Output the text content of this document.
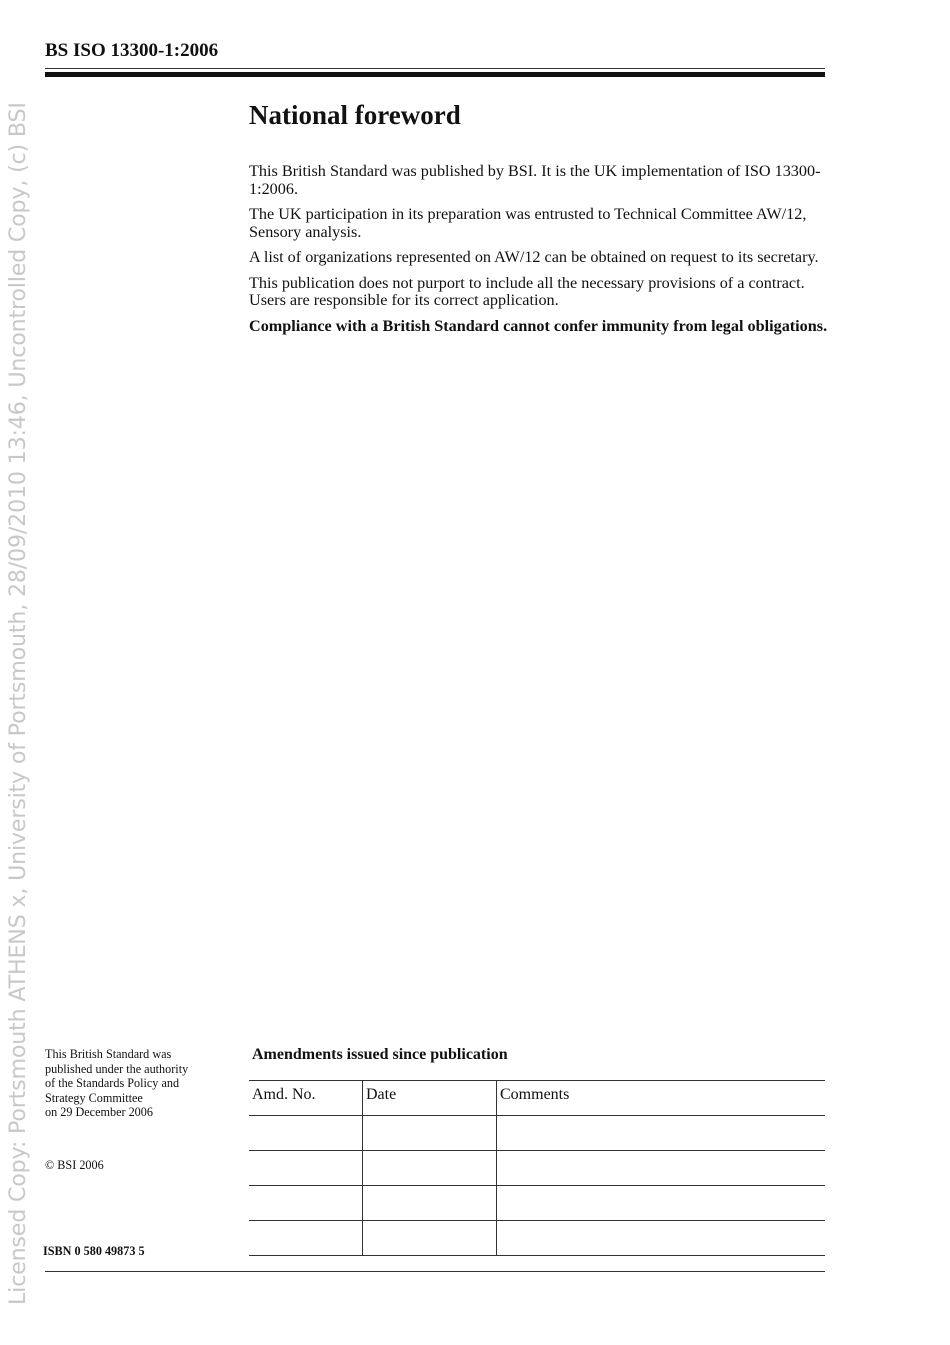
Licensed Copy: Portsmouth ATHENS x, University of Portsmouth, 28/09/2010 13:46, Uncontrolled Copy, (c) BSI
BS ISO 13300-1:2006
National foreword

This British Standard was published by BSI. It is the UK implementation of ISO 13300-1:2006.

The UK participation in its preparation was entrusted to Technical Committee AW/12, Sensory analysis.

A list of organizations represented on AW/12 can be obtained on request to its secretary.

This publication does not purport to include all the necessary provisions of a contract. Users are responsible for its correct application.

Compliance with a British Standard cannot confer immunity from legal obligations.

This British Standard was
published under the authority
of the Standards Policy and
Strategy Committee
on 29 December 2006
© BSI 2006
ISBN 0 580 49873 5
Amendments issued since publication
Amd. No.	Date	Comments
